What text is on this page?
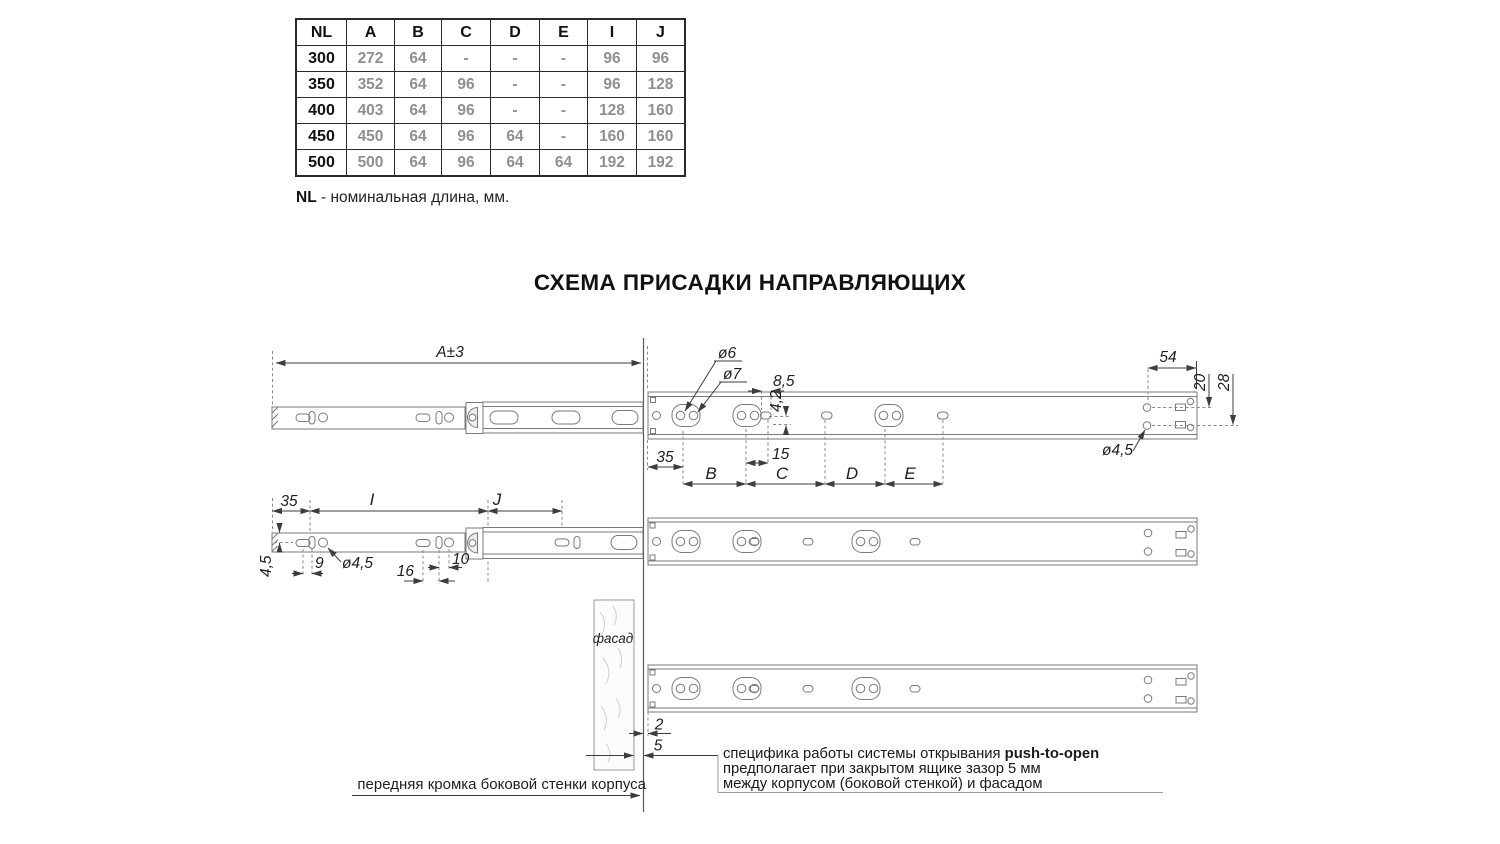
NL	A	B	C	D	E	I	J
300	272	64	-	-	-	96	96
350	352	64	96	-	-	96	128
400	403	64	96	-	-	128	160
450	450	64	96	64	-	160	160
500	500	64	96	64	64	192	192
NL - номинальная длина, мм.
СХЕМА ПРИСАДКИ НАПРАВЛЯЮЩИХ
A±3	ø6
ø7 8,5
4,2
35	15
B	C	D	E
54
20 28
ø4,5
35	I	J
4,5	9 ø4,5 16
10
фасад
2
5
передняя кромка боковой стенки корпуса
специфика работы системы открывания push-to-open
предполагает при закрытом ящике зазор 5 мм
между корпусом (боковой стенкой) и фасадом
